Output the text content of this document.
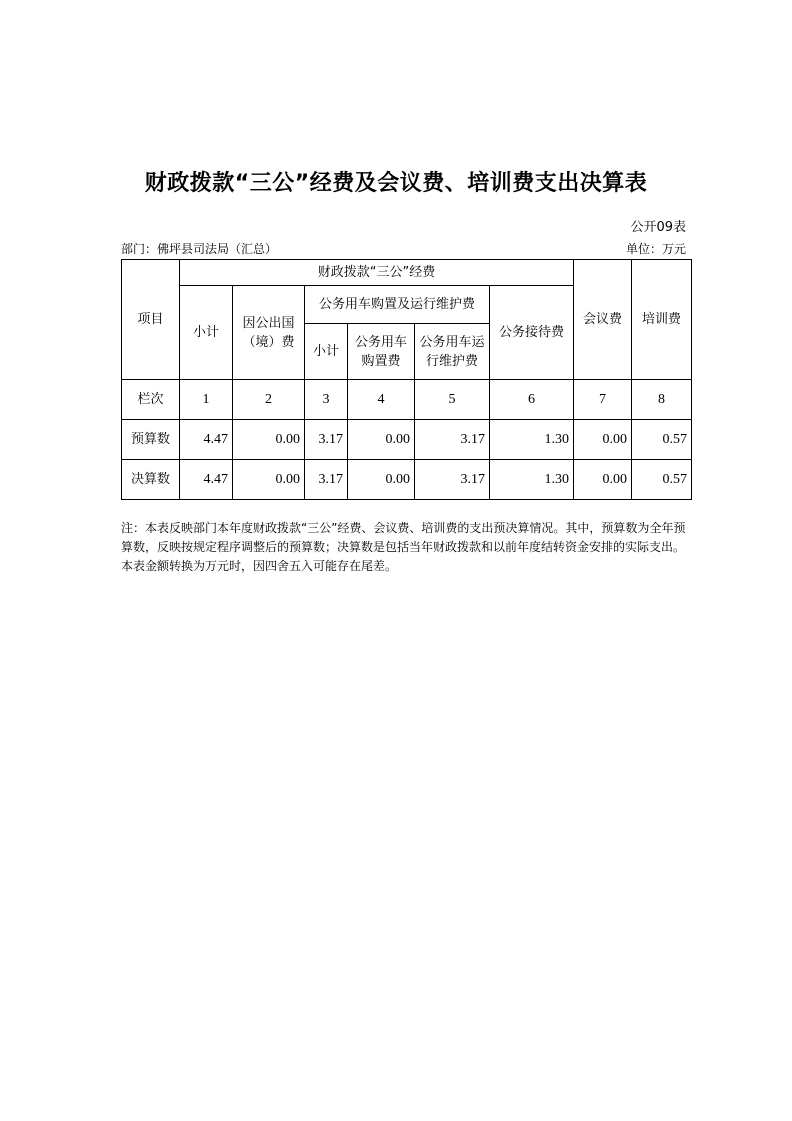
财政拨款“三公”经费及会议费、培训费支出决算表
公开09表
部门：佛坪县司法局（汇总）	单位：万元
项目	财政拨款“三公”经费						会议费	培训费
	小计	因公出国（境）费	公务用车购置及运行维护费			公务接待费		
			小计	公务用车购置费	公务用车运行维护费			

栏次	1	2	3	4	5	6	7	8
预算数	4.47	0.00	3.17	0.00	3.17	1.30	0.00	0.57
决算数	4.47	0.00	3.17	0.00	3.17	1.30	0.00	0.57
注：本表反映部门本年度财政拨款“三公”经费、会议费、培训费的支出预决算情况。其中，预算数为全年预算数，反映按规定程序调整后的预算数；决算数是包括当年财政拨款和以前年度结转资金安排的实际支出。本表金额转换为万元时，因四舍五入可能存在尾差。
